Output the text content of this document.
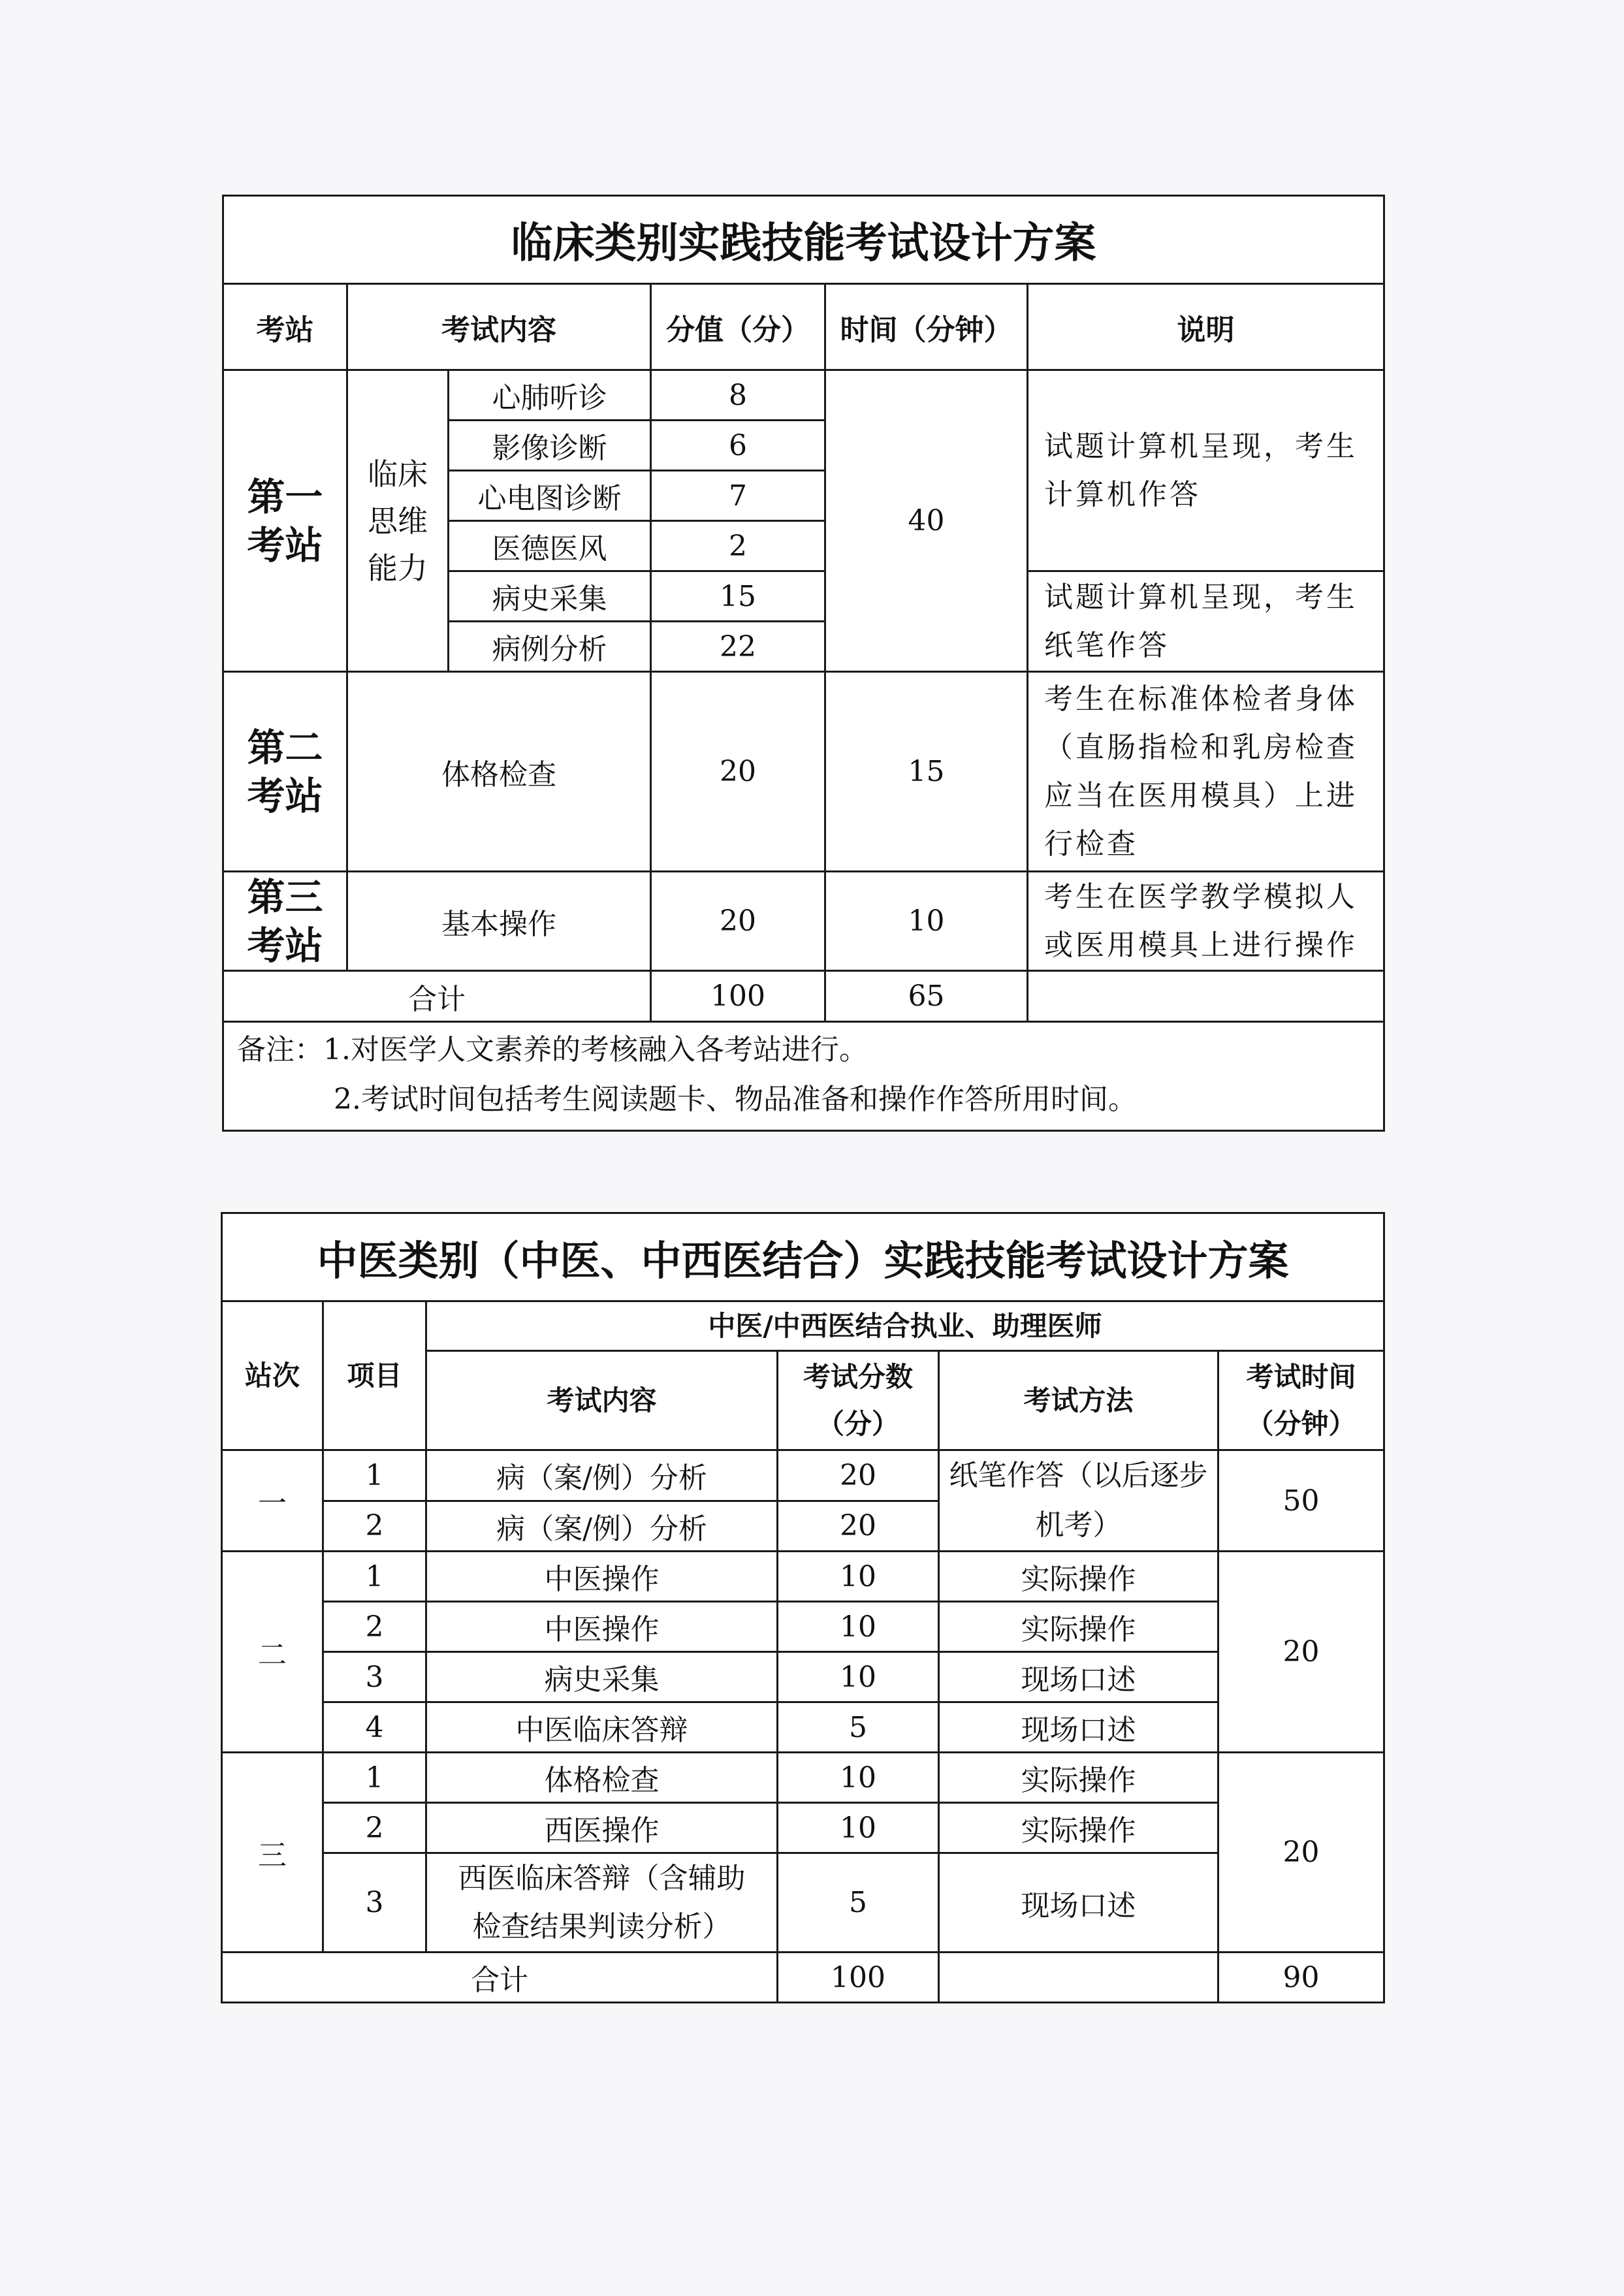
临床类别实践技能考试设计方案					
考站	考试内容		分值（分）	时间（分钟）	说明

第一考站	临床思维能力	心肺听诊	8	40	试题计算机呈现，考生计算机作答
		影像诊断	6		
		心电图诊断	7		
		医德医风	2		
		病史采集	15		试题计算机呈现，考生纸笔作答
		病例分析	22		

第二考站	体格检查		20	15	考生在标准体检者身体（直肠指检和乳房检查应当在医用模具）上进行检查

第三考站	基本操作		20	10	考生在医学教学模拟人或医用模具上进行操作
合计			100	65	

备注：1.对医学人文素养的考核融入各考站进行。
2.考试时间包括考生阅读题卡、物品准备和操作作答所用时间。					
中医类别（中医、中西医结合）实践技能考试设计方案					
站次	项目	中医/中西医结合执业、助理医师			
		考试内容	考试分数（分）	考试方法	考试时间（分钟）

一	1	病（案/例）分析	20	纸笔作答（以后逐步机考）	50
	2	病（案/例）分析	20		
二	1	中医操作	10	实际操作	20
	2	中医操作	10	实际操作	
	3	病史采集	10	现场口述	
	4	中医临床答辩	5	现场口述	
三	1	体格检查	10	实际操作	20
	2	西医操作	10	实际操作	
	3	西医临床答辩（含辅助检查结果判读分析）	5	现场口述	
合计			100		90
